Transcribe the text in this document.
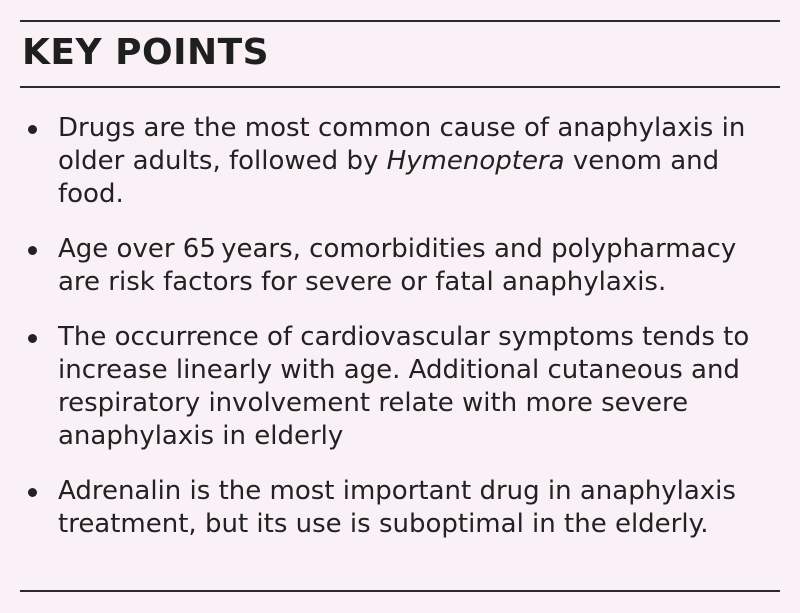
KEY POINTS
Drugs are the most common cause of anaphylaxis in older adults, followed by Hymenoptera venom and food.
Age over 65 years, comorbidities and polypharmacy are risk factors for severe or fatal anaphylaxis.
The occurrence of cardiovascular symptoms tends to increase linearly with age. Additional cutaneous and respiratory involvement relate with more severe anaphylaxis in elderly
Adrenalin is the most important drug in anaphylaxis treatment, but its use is suboptimal in the elderly.
